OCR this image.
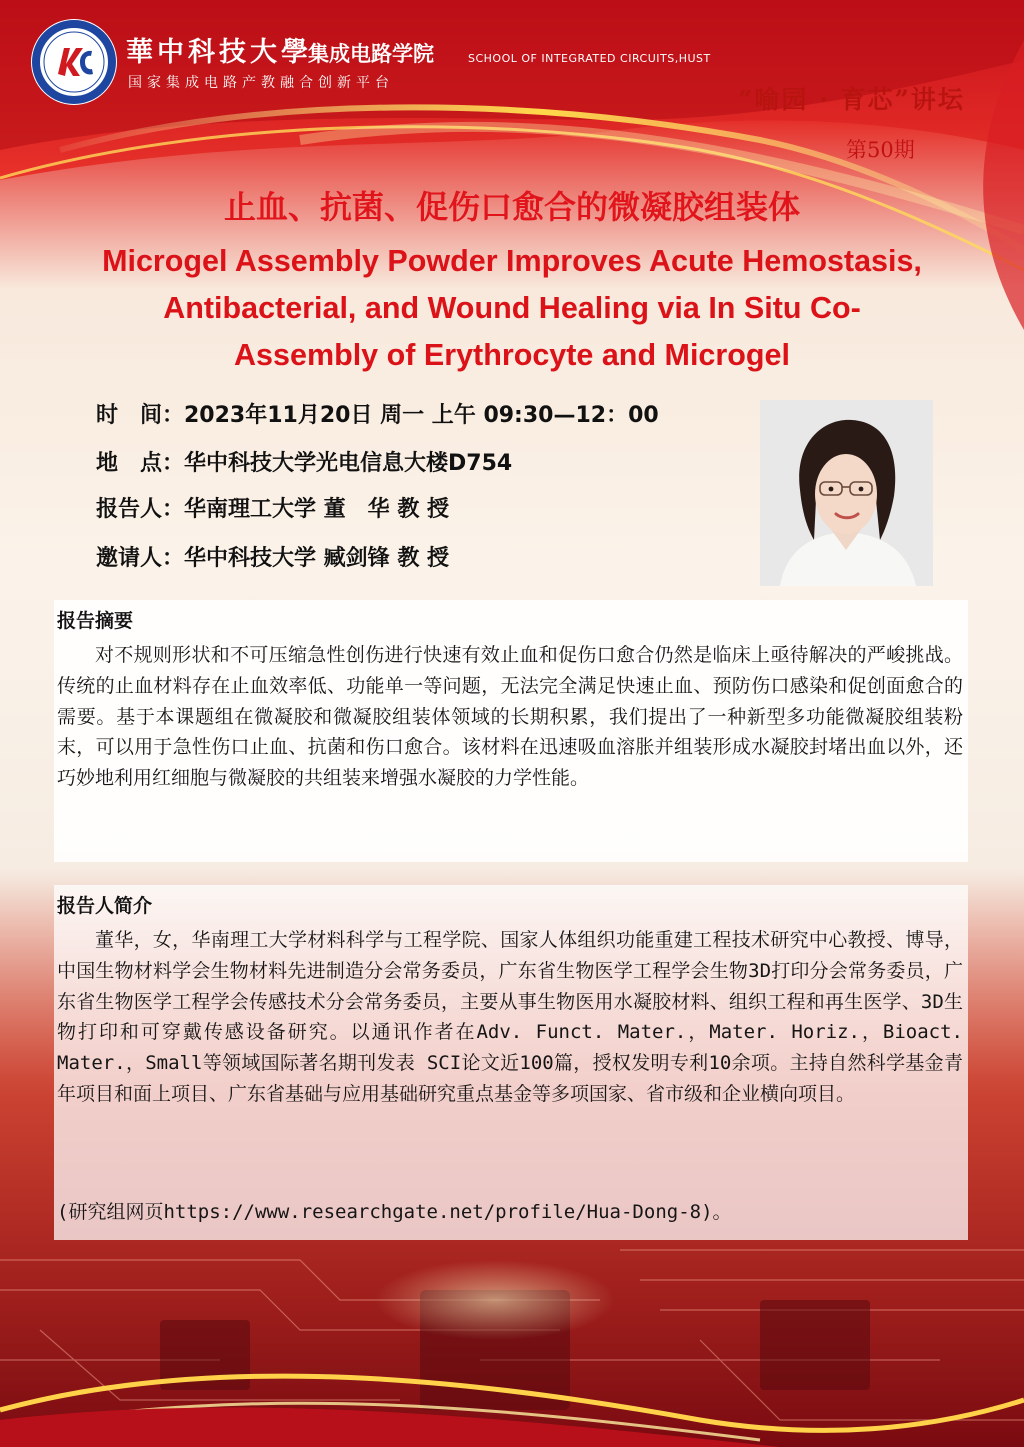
華中科技大學
集成电路学院	SCHOOL OF INTEGRATED CIRCUITS,HUST
国家集成电路产教融合创新平台
“喻园 · 育芯”讲坛
第50期
止血、抗菌、促伤口愈合的微凝胶组装体
Microgel Assembly Powder Improves Acute Hemostasis,
Antibacterial, and Wound Healing via In Situ Co-
Assembly of Erythrocyte and Microgel
时　间：2023年11月20日 周一 上午 09:30—12：00
地　点：华中科技大学光电信息大楼D754
报告人：华南理工大学 董　华 教 授
邀请人：华中科技大学 臧剑锋 教 授
报告摘要

对不规则形状和不可压缩急性创伤进行快速有效止血和促伤口愈合仍然是临床上亟待解决的严峻挑战。传统的止血材料存在止血效率低、功能单一等问题，无法完全满足快速止血、预防伤口感染和促创面愈合的需要。基于本课题组在微凝胶和微凝胶组装体领域的长期积累，我们提出了一种新型多功能微凝胶组装粉末，可以用于急性伤口止血、抗菌和伤口愈合。该材料在迅速吸血溶胀并组装形成水凝胶封堵出血以外，还巧妙地利用红细胞与微凝胶的共组装来增强水凝胶的力学性能。

报告人简介

董华，女，华南理工大学材料科学与工程学院、国家人体组织功能重建工程技术研究中心教授、博导，中国生物材料学会生物材料先进制造分会常务委员，广东省生物医学工程学会生物3D打印分会常务委员，广东省生物医学工程学会传感技术分会常务委员，主要从事生物医用水凝胶材料、组织工程和再生医学、3D生物打印和可穿戴传感设备研究。以通讯作者在Adv. Funct. Mater.，Mater. Horiz.，Bioact. Mater.，Small等领域国际著名期刊发表 SCI论文近100篇，授权发明专利10余项。主持自然科学基金青年项目和面上项目、广东省基础与应用基础研究重点基金等多项国家、省市级和企业横向项目。

(研究组网页https://www.researchgate.net/profile/Hua-Dong-8)。
